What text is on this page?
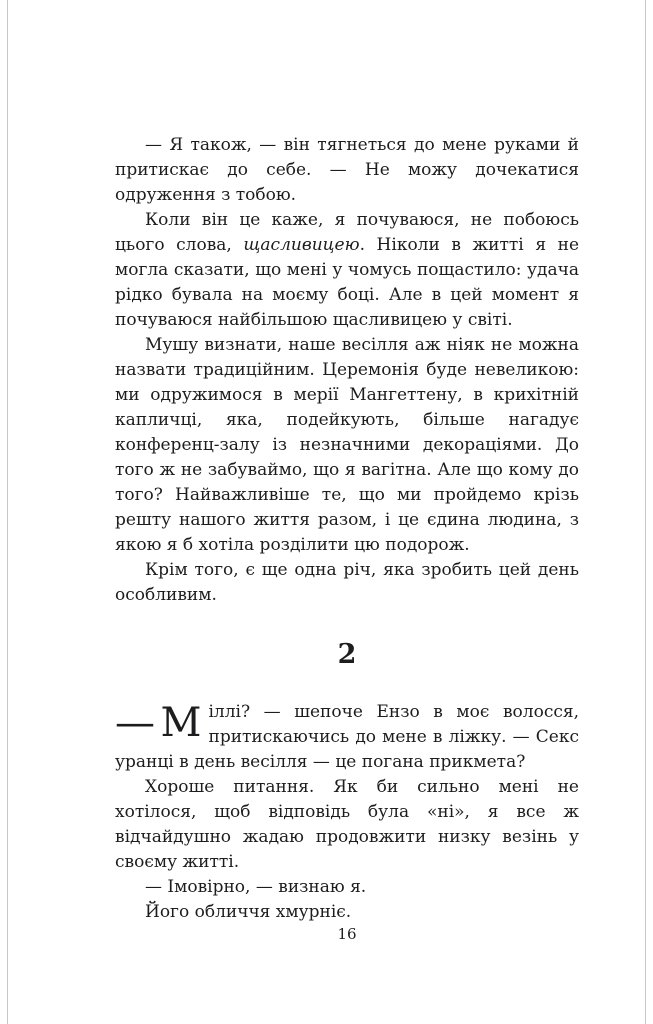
— Я також, — він тягнеться до мене руками й притискає до себе. — Не можу дочекатися одруження з тобою.

Коли він це каже, я почуваюся, не побоюсь цього слова, щасливицею. Ніколи в житті я не могла сказати, що мені у чомусь пощастило: удача рідко бувала на моєму боці. Але в цей момент я почуваюся найбільшою щасливицею у світі.

Мушу визнати, наше весілля аж ніяк не можна назвати традиційним. Церемонія буде невеликою: ми одружимося в мерії Мангеттену, в крихітній капличці, яка, подейкують, більше нагадує конференц-залу із незначними декораціями. До того ж не забуваймо, що я вагітна. Але що кому до того? Найважливіше те, що ми пройдемо крізь решту нашого життя разом, і це єдина людина, з якою я б хотіла розділити цю подорож.

Крім того, є ще одна річ, яка зробить цей день особливим.

2

— М іллі? — шепоче Ензо в моє волосся, притискаючись до мене в ліжку. — Секс уранці в день весілля — це погана прикмета?

Хороше питання. Як би сильно мені не хотілося, щоб відповідь була «ні», я все ж відчайдушно жадаю продовжити низку везінь у своєму житті.

— Імовірно, — визнаю я.

Його обличчя хмурніє.

16
